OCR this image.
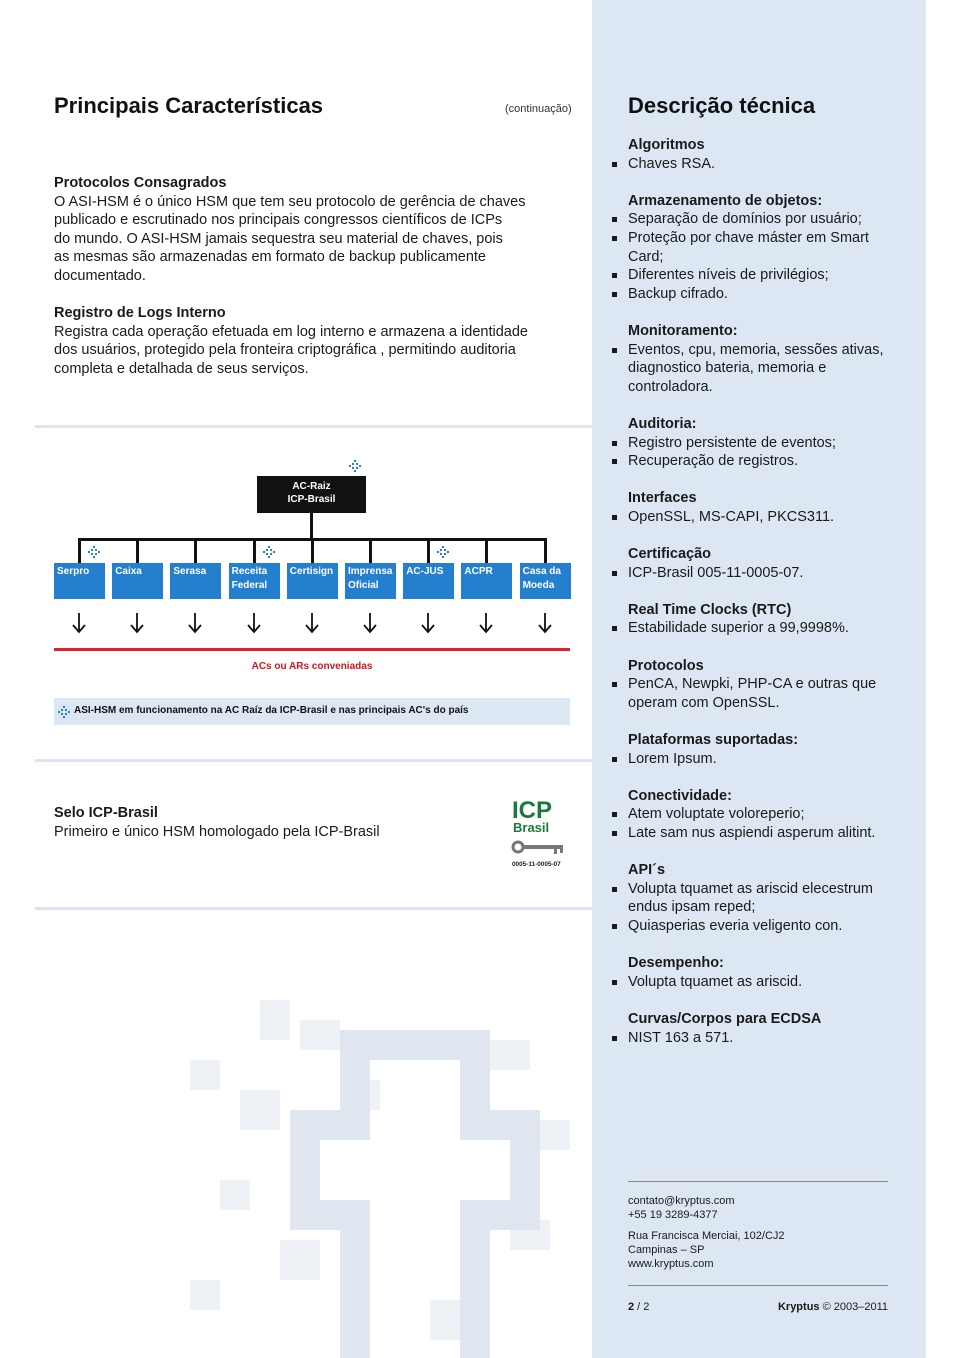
Principais Características	(continuação)
Protocolos Consagrados
O ASI-HSM é o único HSM que tem seu protocolo de gerência de chaves
publicado e escrutinado nos principais congressos científicos de ICPs
do mundo. O ASI-HSM jamais sequestra seu material de chaves, pois
as mesmas são armazenadas em formato de backup publicamente
documentado.
Registro de Logs Interno
Registra cada operação efetuada em log interno e armazena a identidade
dos usuários, protegido pela fronteira criptográfica , permitindo auditoria
completa e detalhada de seus serviços.
AC-Raiz
ICP-Brasil
Serpro	Caixa	Serasa	Receita
Federal
Certisign Imprensa
Oficial
AC-JUS	ACPR	Casa da
Moeda
ACs ou ARs conveniadas
ASI-HSM em funcionamento na AC Raíz da ICP-Brasil e nas principais AC's do país
Selo ICP-Brasil
Primeiro e único HSM homologado pela ICP-Brasil
ICP
Brasil
0005-11-0005-07
Descrição técnica
Algoritmos
Chaves RSA.
Armazenamento de objetos:
Separação de domínios por usuário;
Proteção por chave máster em Smart Card;
Diferentes níveis de privilégios;
Backup cifrado.
Monitoramento:
Eventos, cpu, memoria, sessões ativas, diagnostico bateria, memoria e controladora.
Auditoria:
Registro persistente de eventos;
Recuperação de registros.
Interfaces
OpenSSL, MS-CAPI, PKCS311.
Certificação
ICP-Brasil 005-11-0005-07.
Real Time Clocks (RTC)
Estabilidade superior a 99,9998%.
Protocolos
PenCA, Newpki, PHP-CA e outras que operam com OpenSSL.
Plataformas suportadas:
Lorem Ipsum.
Conectividade:
Atem voluptate voloreperio;
Late sam nus aspiendi asperum alitint.
API´s
Volupta tquamet as ariscid elecestrum endus ipsam reped;
Quiasperias everia veligento con.
Desempenho:
Volupta tquamet as ariscid.
Curvas/Corpos para ECDSA
NIST 163 a 571.
contato@kryptus.com
+55 19 3289-4377
Rua Francisca Merciai, 102/CJ2
Campinas – SP
www.kryptus.com
2 / 2	Kryptus © 2003–2011
